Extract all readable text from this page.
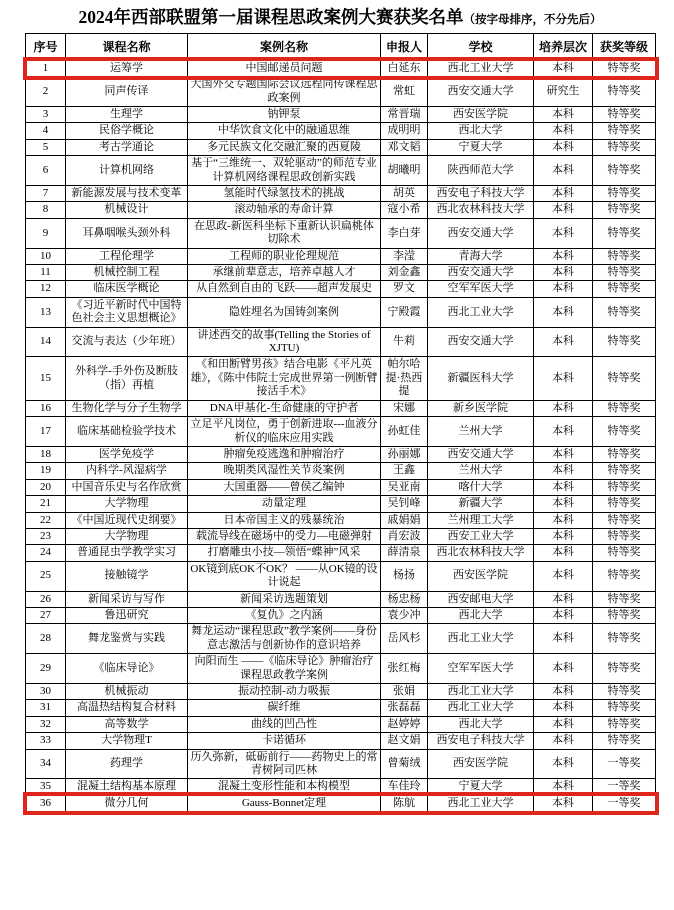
2024年西部联盟第一届课程思政案例大赛获奖名单（按字母排序，不分先后）
序号	课程名称	案例名称	申报人	学校	培养层次	获奖等级
1	运筹学	中国邮递员问题	白延东	西北工业大学	本科	特等奖
2	同声传译	大国外交专题国际会议远程同传课程思政案例	常虹	西安交通大学	研究生	特等奖
3	生理学	钠钾泵	常晋瑞	西安医学院	本科	特等奖
4	民俗学概论	中华饮食文化中的融通思维	成明明	西北大学	本科	特等奖
5	考古学通论	多元民族文化交融汇聚的西夏陵	邓文韬	宁夏大学	本科	特等奖
6	计算机网络	基于“三维统一、双轮驱动”的师范专业计算机网络课程思政创新实践	胡曦明	陕西师范大学	本科	特等奖
7	新能源发展与技术变革	氢能时代绿氢技术的挑战	胡英	西安电子科技大学	本科	特等奖
8	机械设计	滚动轴承的寿命计算	寇小希	西北农林科技大学	本科	特等奖
9	耳鼻咽喉头颈外科	在思政-新医科坐标下重新认识扁桃体切除术	李白芽	西安交通大学	本科	特等奖
10	工程伦理学	工程师的职业伦理规范	李滢	青海大学	本科	特等奖
11	机械控制工程	承继前辈意志，培养卓越人才	刘金鑫	西安交通大学	本科	特等奖
12	临床医学概论	从自然到自由的飞跃——超声发展史	罗文	空军军医大学	本科	特等奖
13	《习近平新时代中国特色社会主义思想概论》	隐姓埋名为国铸剑案例	宁殿霞	西北工业大学	本科	特等奖
14	交流与表达（少年班）	讲述西交的故事(Telling the Stories of XJTU)	牛莉	西安交通大学	本科	特等奖
15	外科学-手外伤及断肢（指）再植	《和田断臂男孩》结合电影《平凡英雄》，《陈中伟院士完成世界第一例断臂接活手术》	帕尔哈提·热西提	新疆医科大学	本科	特等奖
16	生物化学与分子生物学	DNA甲基化-生命健康的守护者	宋娜	新乡医学院	本科	特等奖
17	临床基础检验学技术	立足平凡岗位，勇于创新进取---血液分析仪的临床应用实践	孙虹佳	兰州大学	本科	特等奖
18	医学免疫学	肿瘤免疫逃逸和肿瘤治疗	孙丽娜	西安交通大学	本科	特等奖
19	内科学-风湿病学	晚期类风湿性关节炎案例	王鑫	兰州大学	本科	特等奖
20	中国音乐史与名作欣赏	大国重器——曾侯乙编钟	吴亚南	喀什大学	本科	特等奖
21	大学物理	动量定理	吴钊峰	新疆大学	本科	特等奖
22	《中国近现代史纲要》	日本帝国主义的残暴统治	戚娟娟	兰州理工大学	本科	特等奖
23	大学物理	载流导线在磁场中的受力—电磁弹射	肖宏波	西安工业大学	本科	特等奖
24	普通昆虫学教学实习	打磨雕虫小技—领悟“蝶神”风采	薛清泉	西北农林科技大学	本科	特等奖
25	接触镜学	OK镜到底OK不OK？ ——从OK镜的设计说起	杨扬	西安医学院	本科	特等奖
26	新闻采访与写作	新闻采访选题策划	杨忠杨	西安邮电大学	本科	特等奖
27	鲁迅研究	《复仇》之内涵	袁少冲	西北大学	本科	特等奖
28	舞龙鉴赏与实践	舞龙运动“课程思政”教学案例——身份意志激活与创新协作的意识培养	岳风杉	西北工业大学	本科	特等奖
29	《临床导论》	向阳而生 ——《临床导论》肿瘤治疗课程思政教学案例	张红梅	空军军医大学	本科	特等奖
30	机械振动	振动控制-动力吸振	张娟	西北工业大学	本科	特等奖
31	高温热结构复合材料	碳纤维	张磊磊	西北工业大学	本科	特等奖
32	高等数学	曲线的凹凸性	赵婷婷	西北大学	本科	特等奖
33	大学物理T	卡诺循环	赵文娟	西安电子科技大学	本科	特等奖
34	药理学	历久弥新，砥砺前行——药物史上的常青树阿司匹林	曾菊绒	西安医学院	本科	一等奖
35	混凝土结构基本原理	混凝土变形性能和本构模型	车佳玲	宁夏大学	本科	一等奖
36	微分几何	Gauss-Bonnet定理	陈航	西北工业大学	本科	一等奖
